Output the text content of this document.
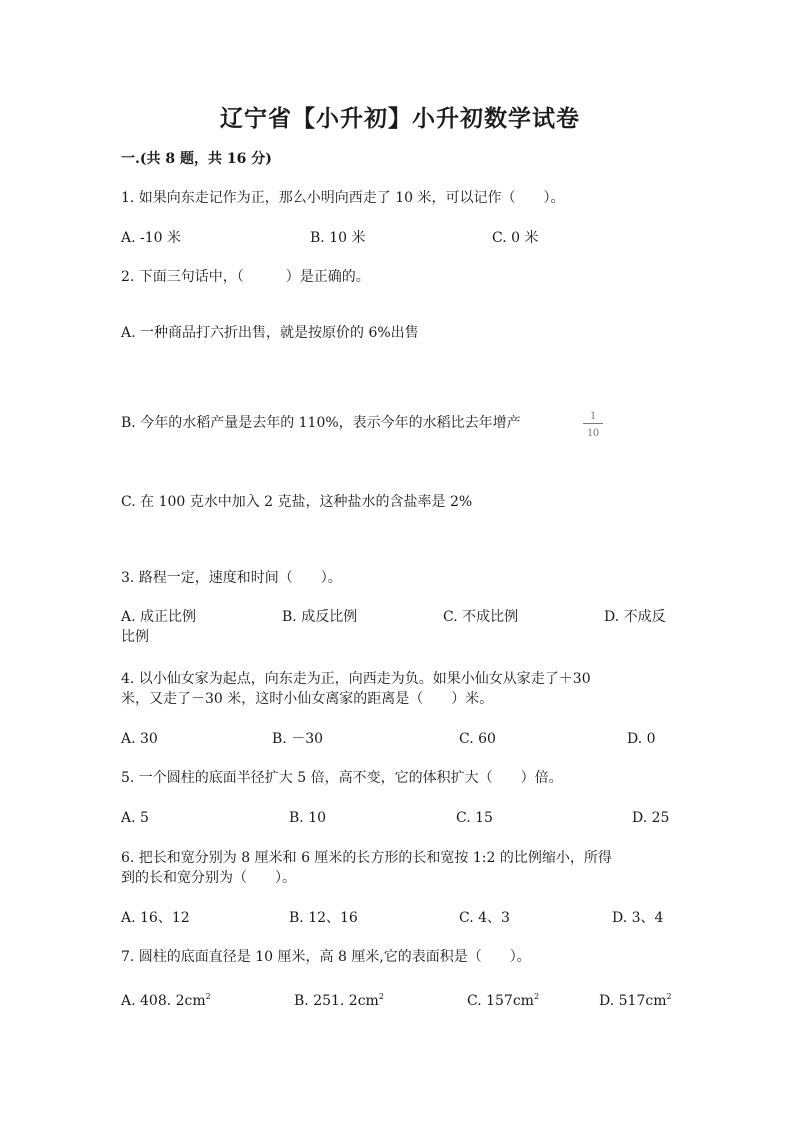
辽宁省【小升初】小升初数学试卷
一.(共 8 题，共 16 分)
1. 如果向东走记作为正，那么小明向西走了 10 米，可以记作（　　）。
A. -10 米	B. 10 米	C. 0 米
2. 下面三句话中，（　　　）是正确的。
A. 一种商品打六折出售，就是按原价的 6%出售
B. 今年的水稻产量是去年的 110%，表示今年的水稻比去年增产	1
10
C. 在 100 克水中加入 2 克盐，这种盐水的含盐率是 2%
3. 路程一定，速度和时间（　　）。
A. 成正比例	B. 成反比例	C. 不成比例	D. 不成反
比例
4. 以小仙女家为起点，向东走为正，向西走为负。如果小仙女从家走了＋30
米，又走了－30 米，这时小仙女离家的距离是（　　）米。
A. 30	B. －30	C. 60	D. 0
5. 一个圆柱的底面半径扩大 5 倍，高不变，它的体积扩大（　　）倍。
A. 5	B. 10	C. 15	D. 25
6. 把长和宽分别为 8 厘米和 6 厘米的长方形的长和宽按 1:2 的比例缩小，所得
到的长和宽分别为（　　）。
A. 16、12	B. 12、16	C. 4、3	D. 3、4
7. 圆柱的底面直径是 10 厘米，高 8 厘米,它的表面积是（　　）。
A. 408. $2cm^2$	B. 251. $2cm^2$	C. $157cm^2$	D. $517cm^2$
